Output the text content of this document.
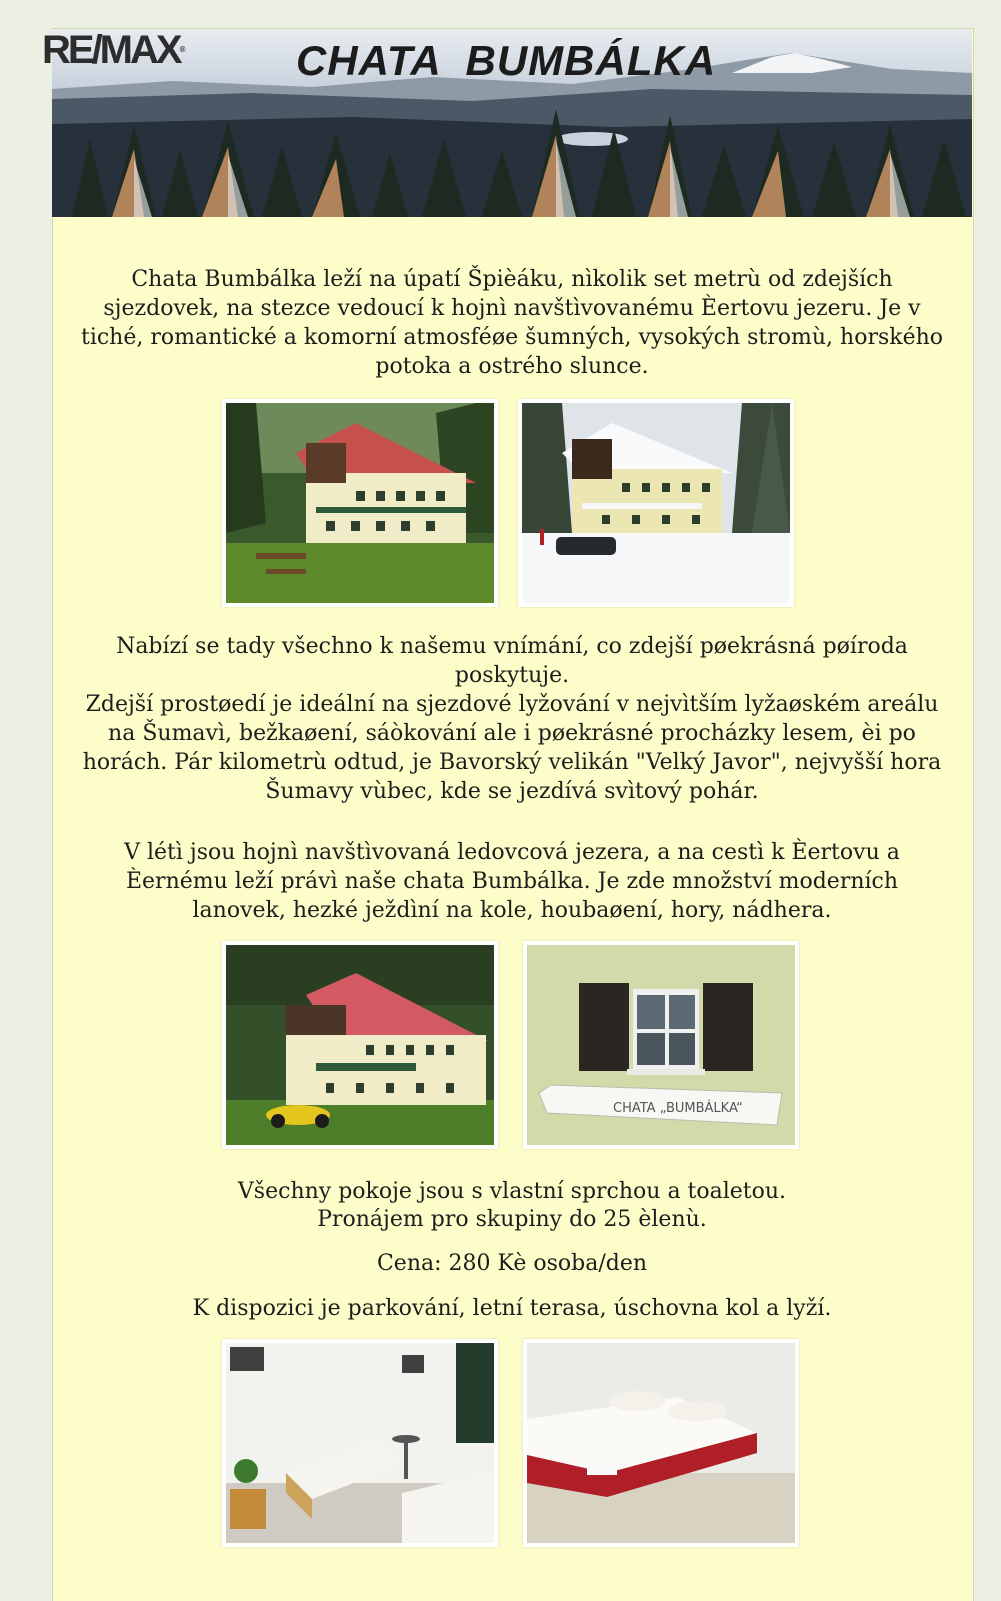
RE/MAX®	CHATA  BUMBÁLKA

Chata Bumbálka leží na úpatí Špièáku, nìkolik set metrù od zdejších sjezdovek, na stezce vedoucí k hojnì navštìvovanému Èertovu jezeru. Je v tiché, romantické a komorní atmosféøe šumných, vysokých stromù, horského potoka a ostrého slunce.

Nabízí se tady všechno k našemu vnímání, co zdejší pøekrásná pøíroda poskytuje.

Zdejší prostøedí je ideální na sjezdové lyžování v nejvìtším lyžaøském areálu na Šumavì, bežkaøení, sáòkování ale i pøekrásné procházky lesem, èi po horách. Pár kilometrù odtud, je Bavorský velikán "Velký Javor", nejvyšší hora Šumavy vùbec, kde se jezdívá svìtový pohár.

V létì jsou hojnì navštìvovaná ledovcová jezera, a na cestì k Èertovu a Èernému leží právì naše chata Bumbálka. Je zde množství moderních lanovek, hezké ježdìní na kole, houbaøení, hory, nádhera.

CHATA „BUMBÁLKA“

Všechny pokoje jsou s vlastní sprchou a toaletou.

Pronájem pro skupiny do 25 èlenù.

Cena: 280 Kè osoba/den

K dispozici je parkování, letní terasa, úschovna kol a lyží.
